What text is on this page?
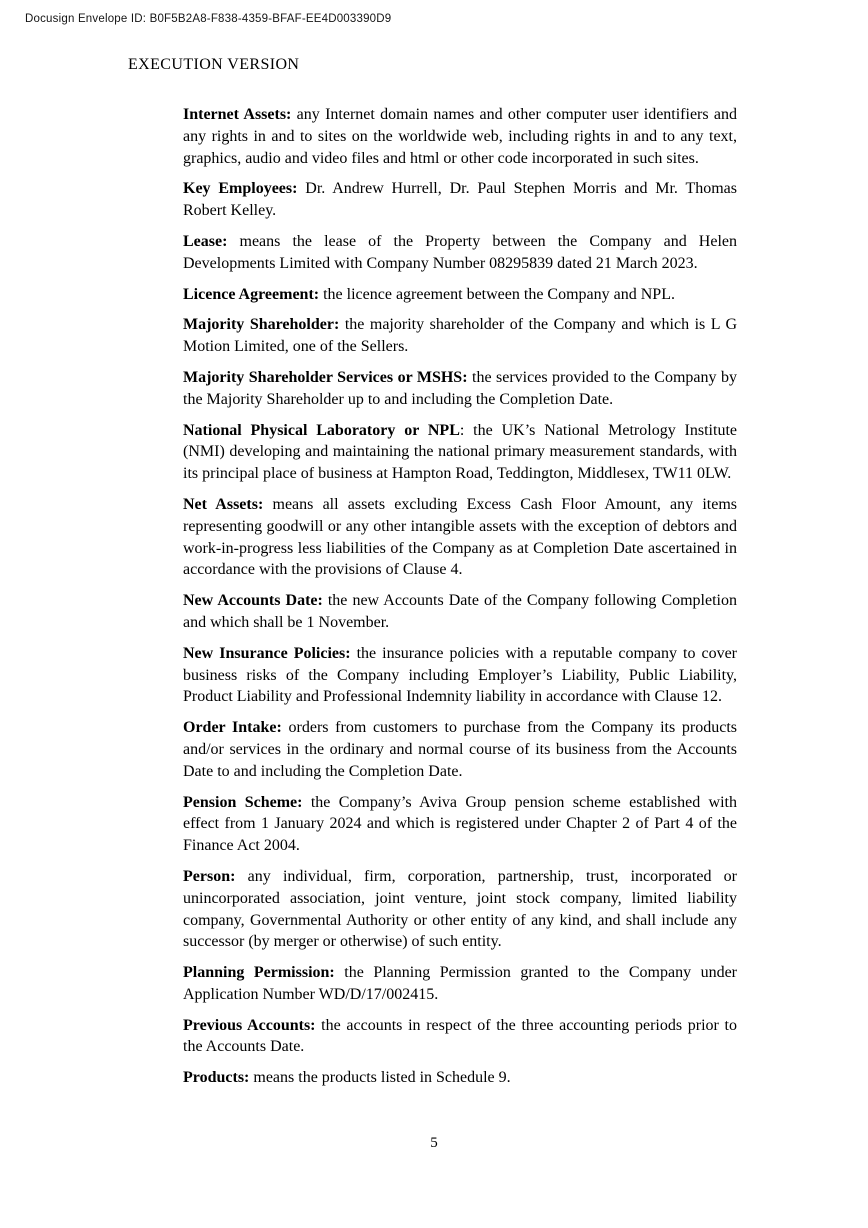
Docusign Envelope ID: B0F5B2A8-F838-4359-BFAF-EE4D003390D9
EXECUTION VERSION

Internet Assets: any Internet domain names and other computer user identifiers and any rights in and to sites on the worldwide web, including rights in and to any text, graphics, audio and video files and html or other code incorporated in such sites.

Key Employees: Dr. Andrew Hurrell, Dr. Paul Stephen Morris and Mr. Thomas Robert Kelley.

Lease: means the lease of the Property between the Company and Helen Developments Limited with Company Number 08295839 dated 21 March 2023.

Licence Agreement: the licence agreement between the Company and NPL.

Majority Shareholder: the majority shareholder of the Company and which is L G Motion Limited, one of the Sellers.

Majority Shareholder Services or MSHS: the services provided to the Company by the Majority Shareholder up to and including the Completion Date.

National Physical Laboratory or NPL: the UK’s National Metrology Institute (NMI) developing and maintaining the national primary measurement standards, with its principal place of business at Hampton Road, Teddington, Middlesex, TW11 0LW.

Net Assets: means all assets excluding Excess Cash Floor Amount, any items representing goodwill or any other intangible assets with the exception of debtors and work-in-progress less liabilities of the Company as at Completion Date ascertained in accordance with the provisions of Clause 4.

New Accounts Date: the new Accounts Date of the Company following Completion and which shall be 1 November.

New Insurance Policies: the insurance policies with a reputable company to cover business risks of the Company including Employer’s Liability, Public Liability, Product Liability and Professional Indemnity liability in accordance with Clause 12.

Order Intake: orders from customers to purchase from the Company its products and/or services in the ordinary and normal course of its business from the Accounts Date to and including the Completion Date.

Pension Scheme: the Company’s Aviva Group pension scheme established with effect from 1 January 2024 and which is registered under Chapter 2 of Part 4 of the Finance Act 2004.

Person: any individual, firm, corporation, partnership, trust, incorporated or unincorporated association, joint venture, joint stock company, limited liability company, Governmental Authority or other entity of any kind, and shall include any successor (by merger or otherwise) of such entity.

Planning Permission: the Planning Permission granted to the Company under Application Number WD/D/17/002415.

Previous Accounts: the accounts in respect of the three accounting periods prior to the Accounts Date.

Products: means the products listed in Schedule 9.

5
